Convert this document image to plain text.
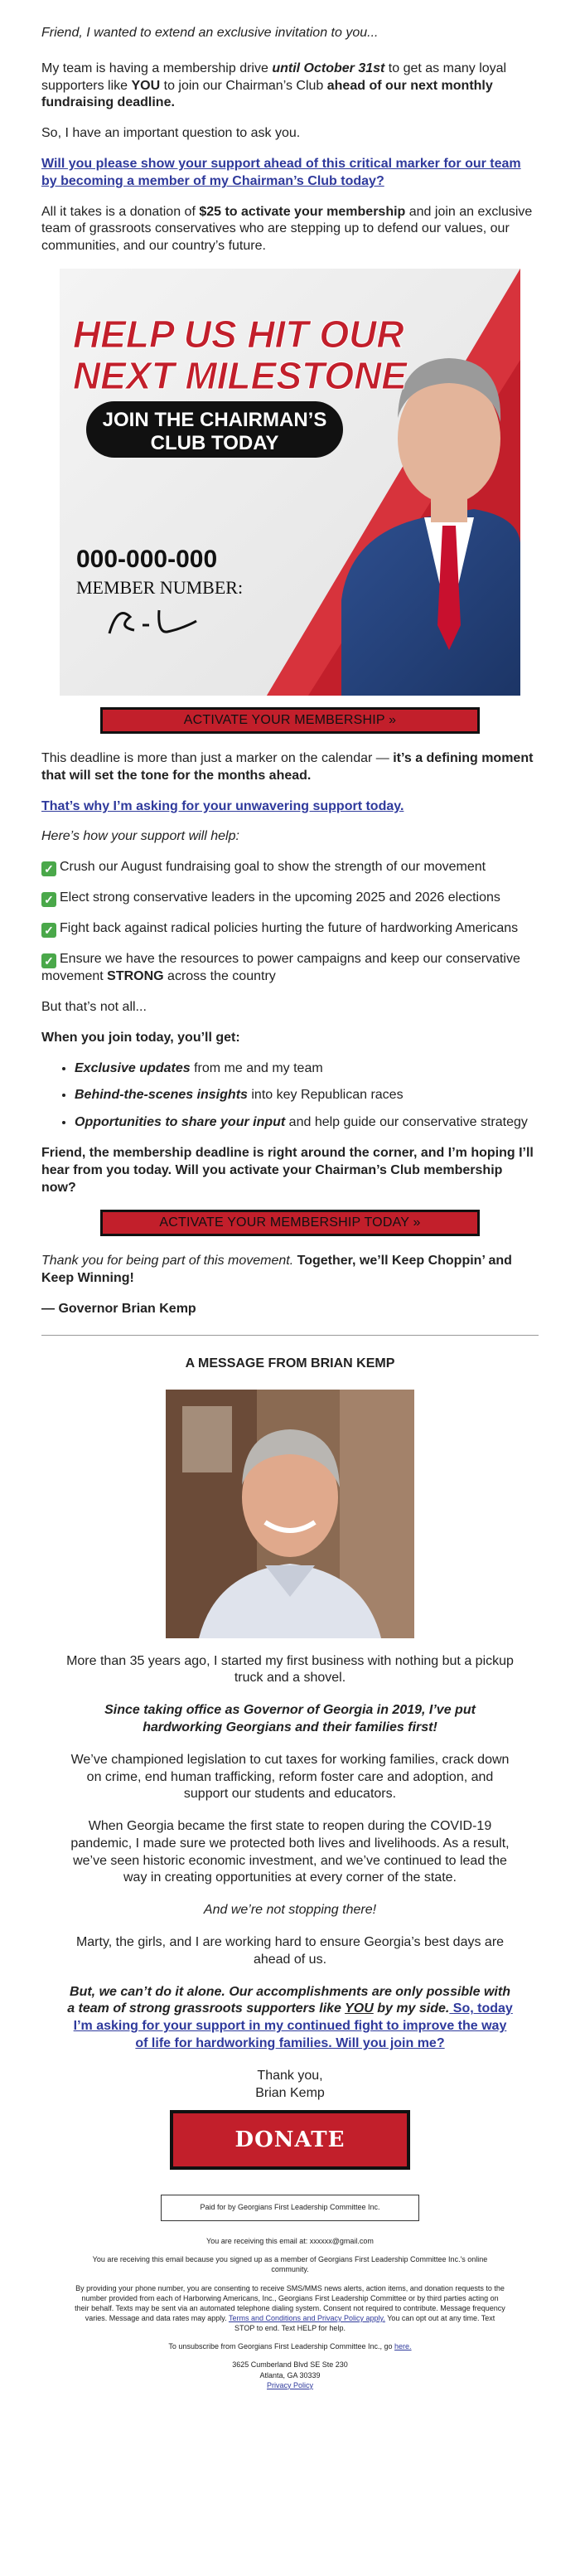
Friend, I wanted to extend an exclusive invitation to you...

My team is having a membership drive until October 31st to get as many loyal supporters like YOU to join our Chairman’s Club ahead of our next monthly fundraising deadline.

So, I have an important question to ask you.

Will you please show your support ahead of this critical marker for our team by becoming a member of my Chairman’s Club today?

All it takes is a donation of $25 to activate your membership and join an exclusive team of grassroots conservatives who are stepping up to defend our values, our communities, and our country’s future.

HELP US HIT OUR
NEXT MILESTONE
JOIN THE CHAIRMAN’S
CLUB TODAY
000-000-000
MEMBER NUMBER:
ACTIVATE YOUR MEMBERSHIP »

This deadline is more than just a marker on the calendar — it’s a defining moment that will set the tone for the months ahead.

That’s why I’m asking for your unwavering support today.

Here’s how your support will help:

✓ Crush our August fundraising goal to show the strength of our movement

✓ Elect strong conservative leaders in the upcoming 2025 and 2026 elections

✓ Fight back against radical policies hurting the future of hardworking Americans

✓ Ensure we have the resources to power campaigns and keep our conservative movement STRONG across the country

But that’s not all...

When you join today, you’ll get:

• Exclusive updates from me and my team
• Behind-the-scenes insights into key Republican races
• Opportunities to share your input and help guide our conservative strategy

Friend, the membership deadline is right around the corner, and I’m hoping I’ll hear from you today. Will you activate your Chairman’s Club membership now?

ACTIVATE YOUR MEMBERSHIP TODAY »

Thank you for being part of this movement. Together, we’ll Keep Choppin’ and Keep Winning!

— Governor Brian Kemp

A MESSAGE FROM BRIAN KEMP

More than 35 years ago, I started my first business with nothing but a pickup truck and a shovel.

Since taking office as Governor of Georgia in 2019, I’ve put hardworking Georgians and their families first!

We’ve championed legislation to cut taxes for working families, crack down on crime, end human trafficking, reform foster care and adoption, and support our students and educators.

When Georgia became the first state to reopen during the COVID-19 pandemic, I made sure we protected both lives and livelihoods. As a result, we’ve seen historic economic investment, and we’ve continued to lead the way in creating opportunities at every corner of the state.

And we’re not stopping there!

Marty, the girls, and I are working hard to ensure Georgia’s best days are ahead of us.

But, we can’t do it alone. Our accomplishments are only possible with a team of strong grassroots supporters like YOU by my side. So, today I’m asking for your support in my continued fight to improve the way of life for hardworking families. Will you join me?

Thank you,
Brian Kemp

DONATE
Paid for by Georgians First Leadership Committee Inc.

You are receiving this email at: xxxxxx@gmail.com

You are receiving this email because you signed up as a member of Georgians First Leadership Committee Inc.'s online community.

By providing your phone number, you are consenting to receive SMS/MMS news alerts, action items, and donation requests to the number provided from each of Harborwing Americans, Inc., Georgians First Leadership Committee or by third parties acting on their behalf. Texts may be sent via an automated telephone dialing system. Consent not required to contribute. Message frequency varies. Message and data rates may apply. Terms and Conditions and Privacy Policy apply. You can opt out at any time. Text STOP to end. Text HELP for help.

To unsubscribe from Georgians First Leadership Committee Inc., go here.

3625 Cumberland Blvd SE Ste 230
Atlanta, GA 30339
Privacy Policy
